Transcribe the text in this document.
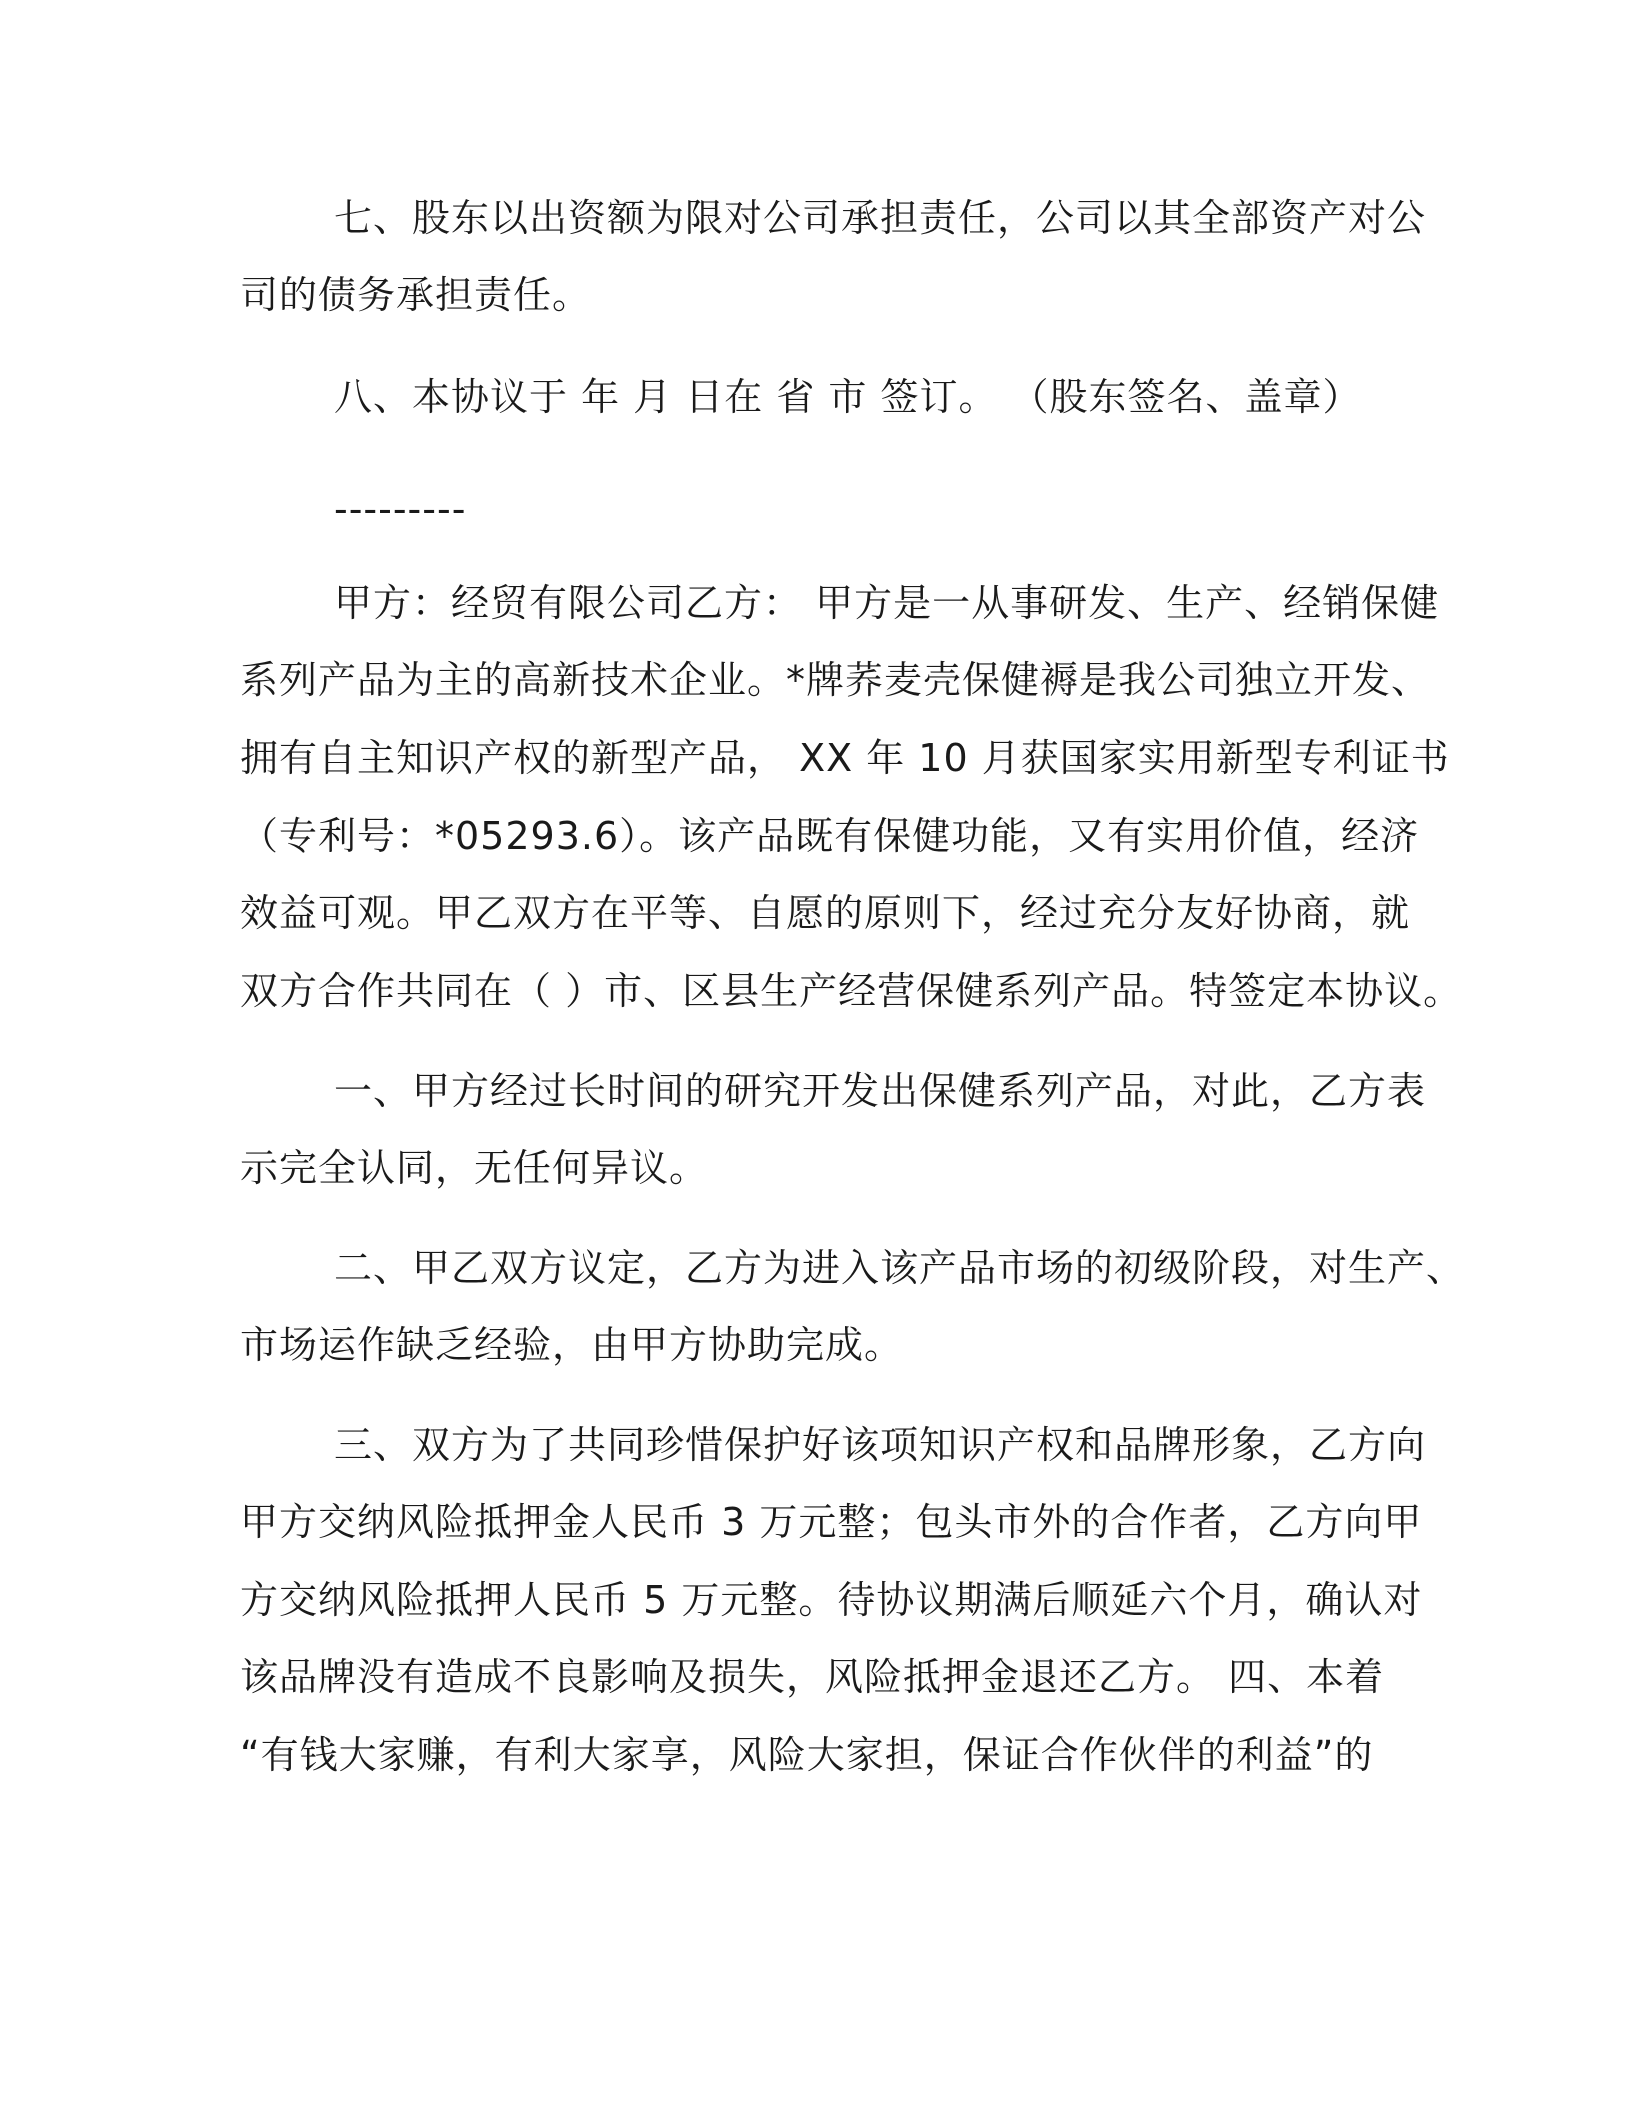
七、股东以出资额为限对公司承担责任，公司以其全部资产对公
司的债务承担责任。
八、本协议于 年 月 日在 省 市 签订。 （股东签名、盖章）
---------
甲方：经贸有限公司乙方： 甲方是一从事研发、生产、经销保健
系列产品为主的高新技术企业。*牌荞麦壳保健褥是我公司独立开发、
拥有自主知识产权的新型产品， XX 年 10 月获国家实用新型专利证书
（专利号：*05293.6）。该产品既有保健功能，又有实用价值，经济
效益可观。甲乙双方在平等、自愿的原则下，经过充分友好协商，就
双方合作共同在（ ）市、区县生产经营保健系列产品。特签定本协议。
一、甲方经过长时间的研究开发出保健系列产品，对此，乙方表
示完全认同，无任何异议。
二、甲乙双方议定，乙方为进入该产品市场的初级阶段，对生产、
市场运作缺乏经验，由甲方协助完成。
三、双方为了共同珍惜保护好该项知识产权和品牌形象，乙方向
甲方交纳风险抵押金人民币 3 万元整；包头市外的合作者，乙方向甲
方交纳风险抵押人民币 5 万元整。待协议期满后顺延六个月，确认对
该品牌没有造成不良影响及损失，风险抵押金退还乙方。 四、本着
“有钱大家赚，有利大家享，风险大家担，保证合作伙伴的利益”的
